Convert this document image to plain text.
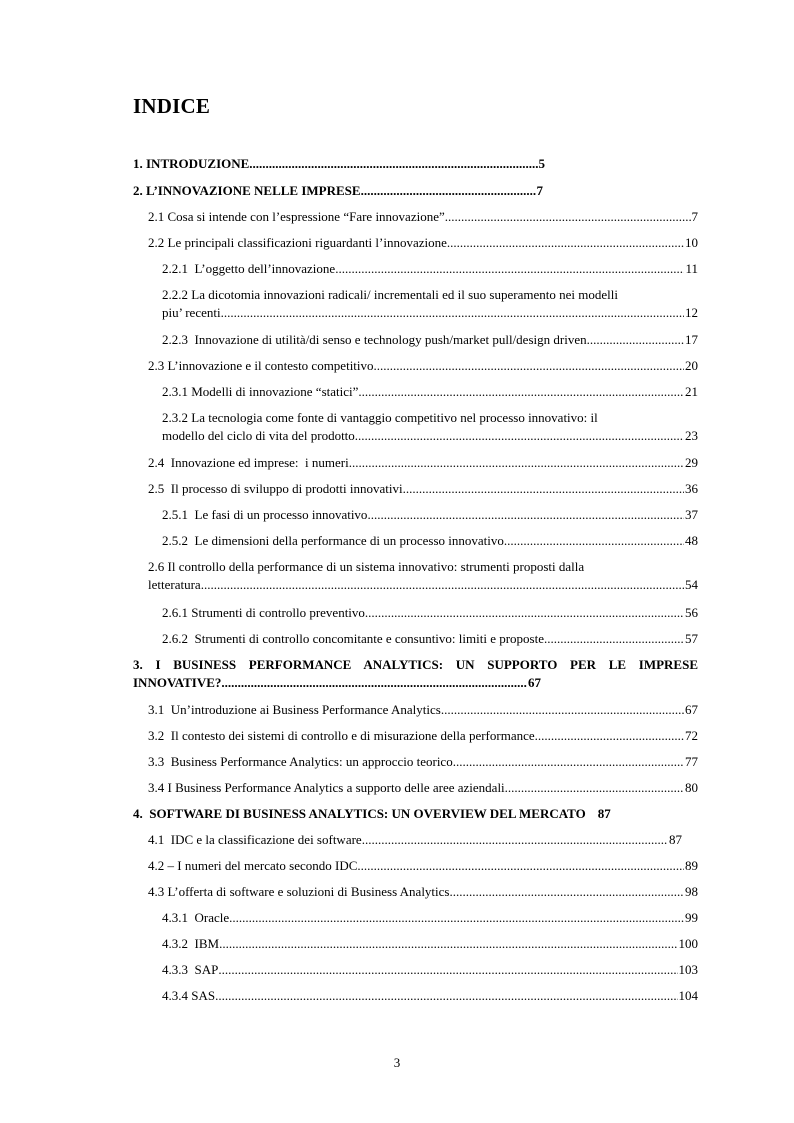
INDICE
1. INTRODUZIONE .....	5
2. L’INNOVAZIONE NELLE IMPRESE .....	7
2.1 Cosa si intende con l’espressione “Fare innovazione” .....	7
2.2 Le principali classificazioni riguardanti l’innovazione .....	10
2.2.1  L’oggetto dell’innovazione .....	11
2.2.2 La dicotomia innovazioni radicali/ incrementali ed il suo superamento nei modelli
piu’ recenti .....	12
2.2.3  Innovazione di utilità/di senso e technology push/market pull/design driven .....	17
2.3 L’innovazione e il contesto competitivo .....	20
2.3.1 Modelli di innovazione “statici” .....	21
2.3.2 La tecnologia come fonte di vantaggio competitivo nel processo innovativo: il
modello del ciclo di vita del prodotto .....	23
2.4  Innovazione ed imprese:  i numeri .....	29
2.5  Il processo di sviluppo di prodotti innovativi .....	36
2.5.1  Le fasi di un processo innovativo .....	37
2.5.2  Le dimensioni della performance di un processo innovativo .....	48
2.6 Il controllo della performance di un sistema innovativo: strumenti proposti dalla
letteratura .....	54
2.6.1 Strumenti di controllo preventivo .....	56
2.6.2  Strumenti di controllo concomitante e consuntivo: limiti e proposte .....	57
3. I BUSINESS PERFORMANCE ANALYTICS: UN SUPPORTO PER LE IMPRESE
INNOVATIVE? .....	67
3.1  Un’introduzione ai Business Performance Analytics .....	67
3.2  Il contesto dei sistemi di controllo e di misurazione della performance .....	72
3.3  Business Performance Analytics: un approccio teorico .....	77
3.4 I Business Performance Analytics a supporto delle aree aziendali .....	80
4.  SOFTWARE DI BUSINESS ANALYTICS: UN OVERVIEW DEL MERCATO 87
4.1  IDC e la classificazione dei software .....	87
4.2 – I numeri del mercato secondo IDC .....	89
4.3 L’offerta di software e soluzioni di Business Analytics .....	98
4.3.1  Oracle .....	99
4.3.2  IBM .....	100
4.3.3  SAP .....	103
4.3.4 SAS .....	104
3
